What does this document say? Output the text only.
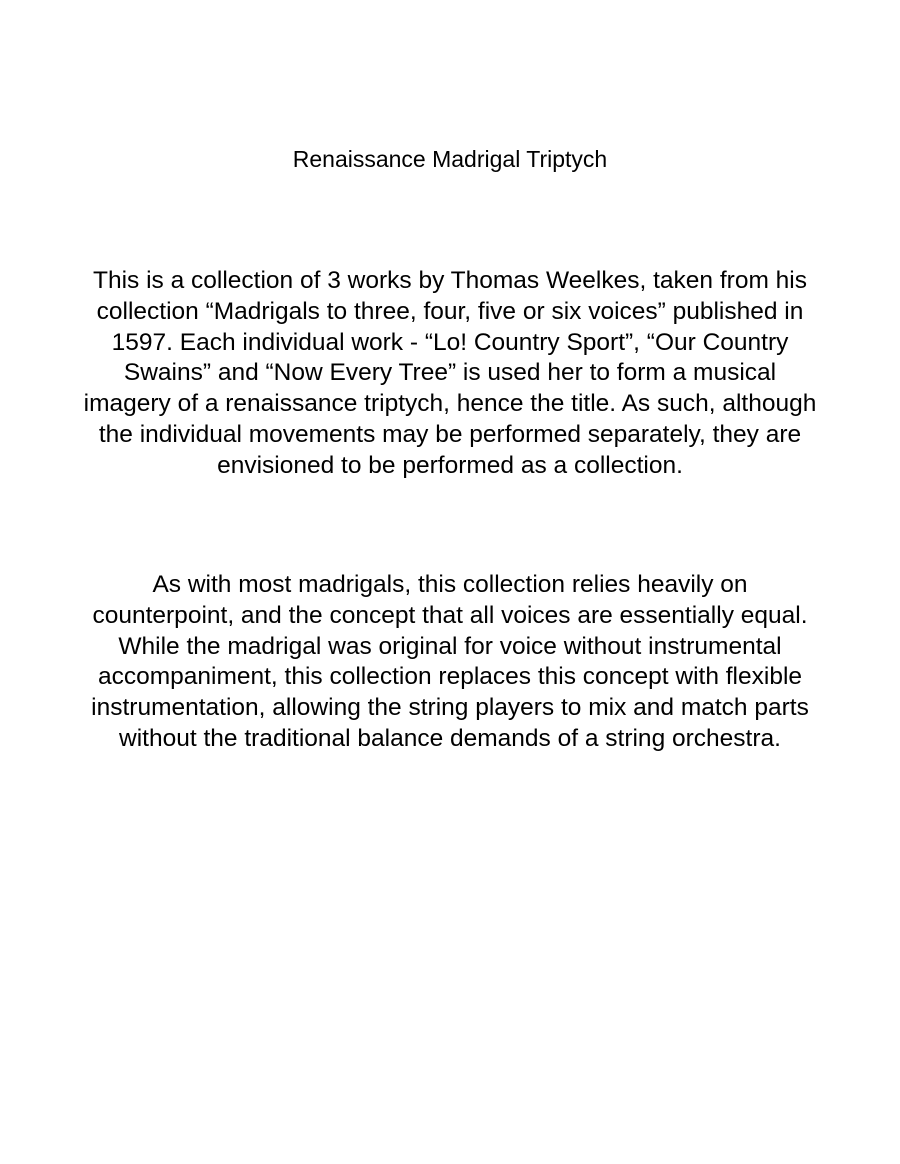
Renaissance Madrigal Triptych

This is a collection of 3 works by Thomas Weelkes, taken from his collection “Madrigals to three, four, five or six voices” published in 1597. Each individual work - “Lo! Country Sport”, “Our Country Swains” and “Now Every Tree” is used her to form a musical imagery of a renaissance triptych, hence the title. As such, although the individual movements may be performed separately, they are envisioned to be performed as a collection.

As with most madrigals, this collection relies heavily on counterpoint, and the concept that all voices are essentially equal. While the madrigal was original for voice without instrumental accompaniment, this collection replaces this concept with flexible instrumentation, allowing the string players to mix and match parts without the traditional balance demands of a string orchestra.
